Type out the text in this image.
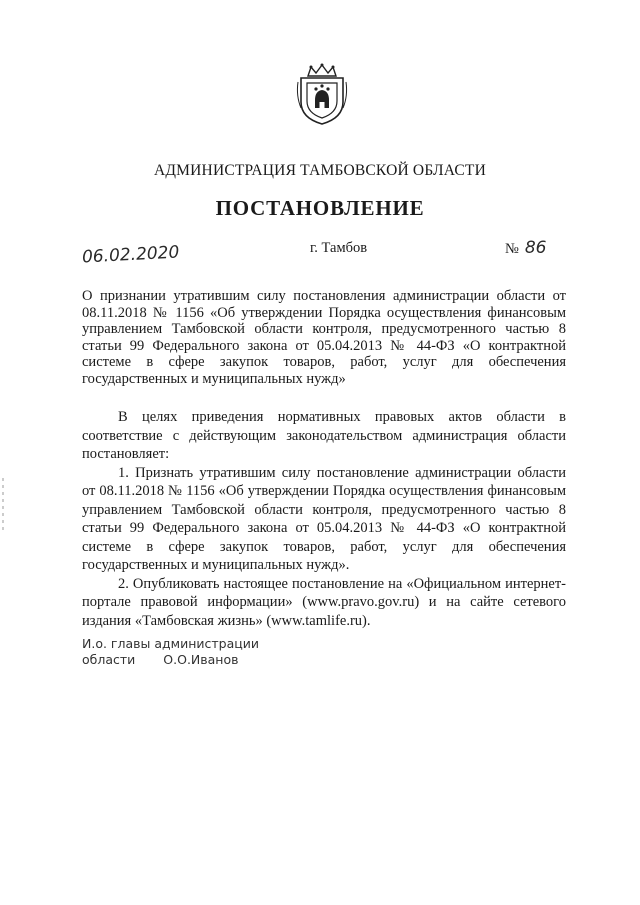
АДМИНИСТРАЦИЯ ТАМБОВСКОЙ ОБЛАСТИ
ПОСТАНОВЛЕНИЕ
06.02.2020	г. Тамбов	№ 86
О признании утратившим силу постановления администрации области от 08.11.2018 № 1156 «Об утверждении Порядка осуществления финансовым управлением Тамбовской области контроля, предусмотренного частью 8 статьи 99 Федерального закона от 05.04.2013 № 44-ФЗ «О контрактной системе в сфере закупок товаров, работ, услуг для обеспечения государственных и муниципальных нужд»

В целях приведения нормативных правовых актов области в соответствие с действующим законодательством администрация области постановляет:

1. Признать утратившим силу постановление администрации области от 08.11.2018 № 1156 «Об утверждении Порядка осуществления финансовым управлением Тамбовской области контроля, предусмотренного частью 8 статьи 99 Федерального закона от 05.04.2013 № 44-ФЗ «О контрактной системе в сфере закупок товаров, работ, услуг для обеспечения государственных и муниципальных нужд».

2. Опубликовать настоящее постановление на «Официальном интернет-портале правовой информации» (www.pravo.gov.ru) и на сайте сетевого издания «Тамбовская жизнь» (www.tamlife.ru).

И.о. главы администрации
области О.О.Иванов
